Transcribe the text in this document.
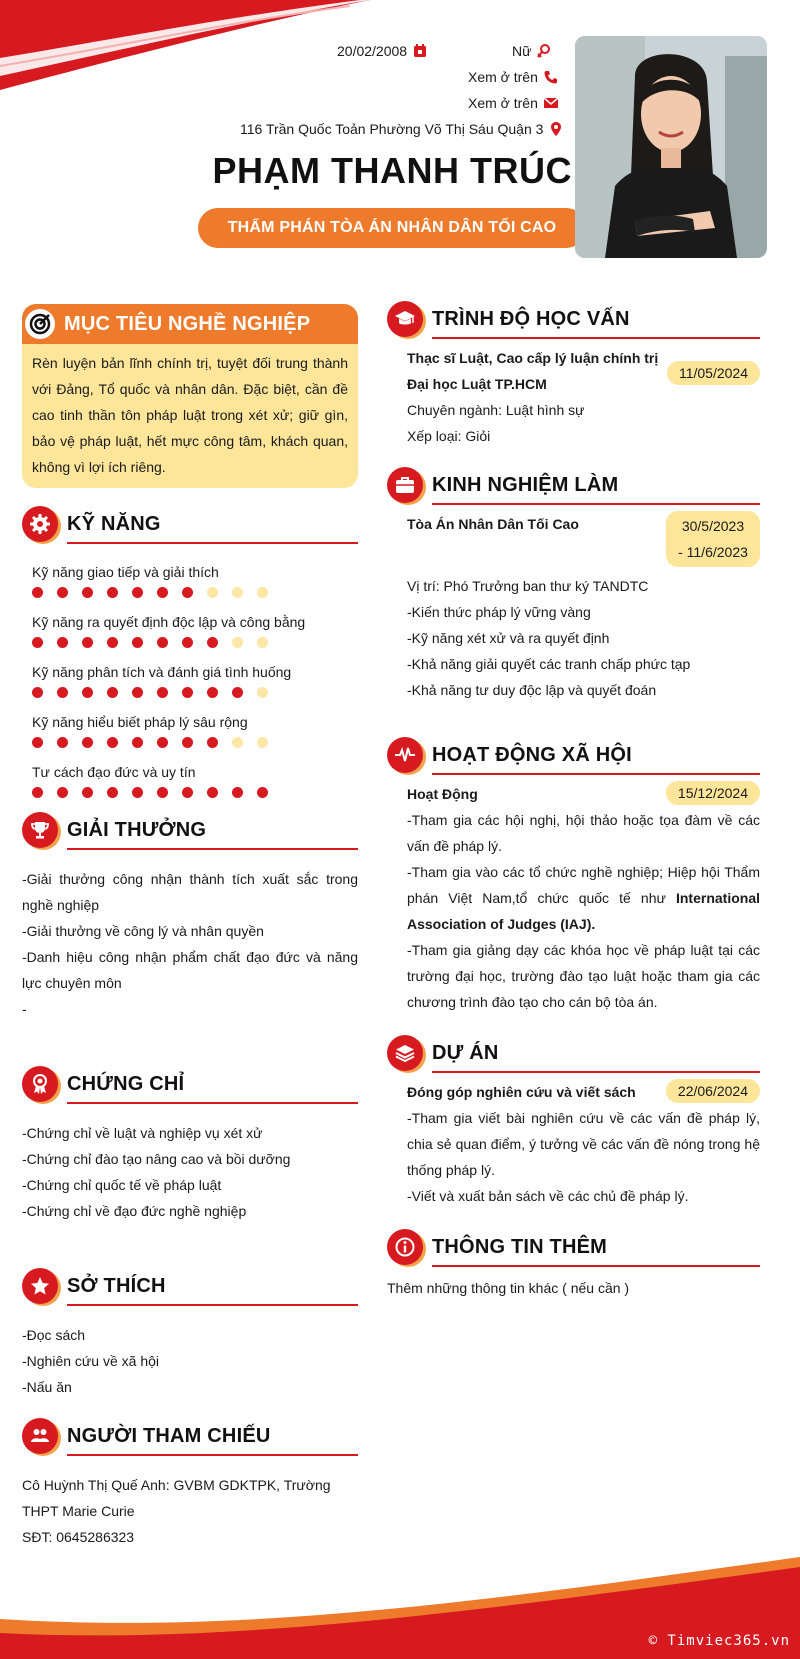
20/02/2008	Nữ
Xem ở trên
Xem ở trên
116 Trần Quốc Toản Phường Võ Thị Sáu Quận 3
PHẠM THANH TRÚC
THẨM PHÁN TÒA ÁN NHÂN DÂN TỐI CAO
MỤC TIÊU NGHỀ NGHIỆP
Rèn luyện bản lĩnh chính trị, tuyệt đối trung thành với Đảng, Tổ quốc và nhân dân. Đặc biệt, cần đề cao tinh thần tôn pháp luật trong xét xử; giữ gìn, bảo vệ pháp luật, hết mực công tâm, khách quan, không vì lợi ích riêng.
KỸ NĂNG
Kỹ năng giao tiếp và giải thích
Kỹ năng ra quyết định độc lập và công bằng
Kỹ năng phân tích và đánh giá tình huống
Kỹ năng hiểu biết pháp lý sâu rộng
Tư cách đạo đức và uy tín
GIẢI THƯỞNG
-Giải thưởng công nhận thành tích xuất sắc trong nghề nghiệp
-Giải thưởng về công lý và nhân quyền
-Danh hiệu công nhận phẩm chất đạo đức và năng lực chuyên môn
-
CHỨNG CHỈ
-Chứng chỉ về luật và nghiệp vụ xét xử
-Chứng chỉ đào tạo nâng cao và bồi dưỡng
-Chứng chỉ quốc tế về pháp luật
-Chứng chỉ về đạo đức nghề nghiệp
SỞ THÍCH
-Đọc sách
-Nghiên cứu về xã hội
-Nấu ăn
NGƯỜI THAM CHIẾU
Cô Huỳnh Thị Quế Anh: GVBM GDKTPK, Trường THPT Marie Curie
SĐT: 0645286323
TRÌNH ĐỘ HỌC VẤN
Thạc sĩ Luật, Cao cấp lý luận chính trị
Đại học Luật TP.HCM
11/05/2024
Chuyên ngành: Luật hình sự
Xếp loại: Giỏi
KINH NGHIỆM LÀM
Tòa Án Nhân Dân Tối Cao	30/5/2023 - 11/6/2023
Vị trí: Phó Trưởng ban thư ký TANDTC
-Kiến thức pháp lý vững vàng
-Kỹ năng xét xử và ra quyết định
-Khả năng giải quyết các tranh chấp phức tạp
-Khả năng tư duy độc lập và quyết đoán
HOẠT ĐỘNG XÃ HỘI
Hoạt Động	15/12/2024
-Tham gia các hội nghị, hội thảo hoặc tọa đàm về các vấn đề pháp lý.
-Tham gia vào các tổ chức nghề nghiệp; Hiệp hội Thẩm phán Việt Nam,tổ chức quốc tế như International Association of Judges (IAJ).
-Tham gia giảng dạy các khóa học về pháp luật tại các trường đại học, trường đào tạo luật hoặc tham gia các chương trình đào tạo cho cán bộ tòa án.
DỰ ÁN
Đóng góp nghiên cứu và viết sách	22/06/2024
-Tham gia viết bài nghiên cứu về các vấn đề pháp lý, chia sẻ quan điểm, ý tưởng về các vấn đề nóng trong hệ thống pháp lý.
-Viết và xuất bản sách về các chủ đề pháp lý.
THÔNG TIN THÊM
Thêm những thông tin khác ( nếu cần )
© Timviec365.vn
